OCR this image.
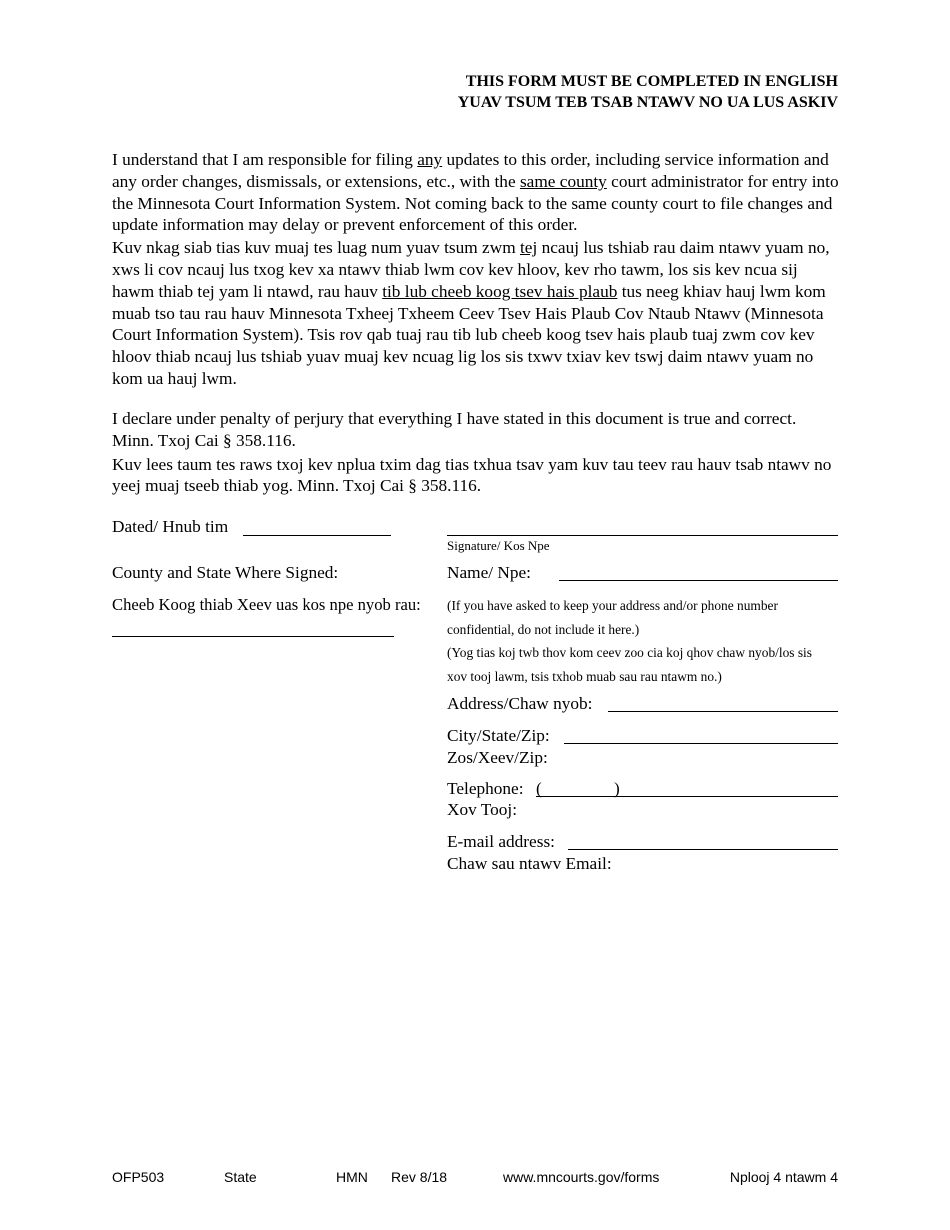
THIS FORM MUST BE COMPLETED IN ENGLISH
YUAV TSUM TEB TSAB NTAWV NO UA LUS ASKIV

I understand that I am responsible for filing any updates to this order, including service information and any order changes, dismissals, or extensions, etc., with the same county court administrator for entry into the Minnesota Court Information System. Not coming back to the same county court to file changes and update information may delay or prevent enforcement of this order.

Kuv nkag siab tias kuv muaj tes luag num yuav tsum zwm tej ncauj lus tshiab rau daim ntawv yuam no, xws li cov ncauj lus txog kev xa ntawv thiab lwm cov kev hloov, kev rho tawm, los sis kev ncua sij hawm thiab tej yam li ntawd, rau hauv tib lub cheeb koog tsev hais plaub tus neeg khiav hauj lwm kom muab tso tau rau hauv Minnesota Txheej Txheem Ceev Tsev Hais Plaub Cov Ntaub Ntawv (Minnesota Court Information System). Tsis rov qab tuaj rau tib lub cheeb koog tsev hais plaub tuaj zwm cov kev hloov thiab ncauj lus tshiab yuav muaj kev ncuag lig los sis txwv txiav kev tswj daim ntawv yuam no kom ua hauj lwm.

I declare under penalty of perjury that everything I have stated in this document is true and correct. Minn. Txoj Cai § 358.116.

Kuv lees taum tes raws txoj kev nplua txim dag tias txhua tsav yam kuv tau teev rau hauv tsab ntawv no yeej muaj tseeb thiab yog. Minn. Txoj Cai § 358.116.

Dated/ Hnub tim
County and State Where Signed:
Cheeb Koog thiab Xeev uas kos npe nyob rau:
Signature/ Kos Npe
Name/ Npe:
(If you have asked to keep your address and/or phone number
confidential, do not include it here.)
(Yog tias koj twb thov kom ceev zoo cia koj qhov chaw nyob/los sis
xov tooj lawm, tsis txhob muab sau rau ntawm no.)
Address/Chaw nyob:
City/State/Zip:
Zos/Xeev/Zip:
Telephone: (	)
Xov Tooj:
E-mail address:
Chaw sau ntawv Email:
OFP503	State	HMN Rev 8/18	www.mncourts.gov/forms	Nplooj 4 ntawm 4
